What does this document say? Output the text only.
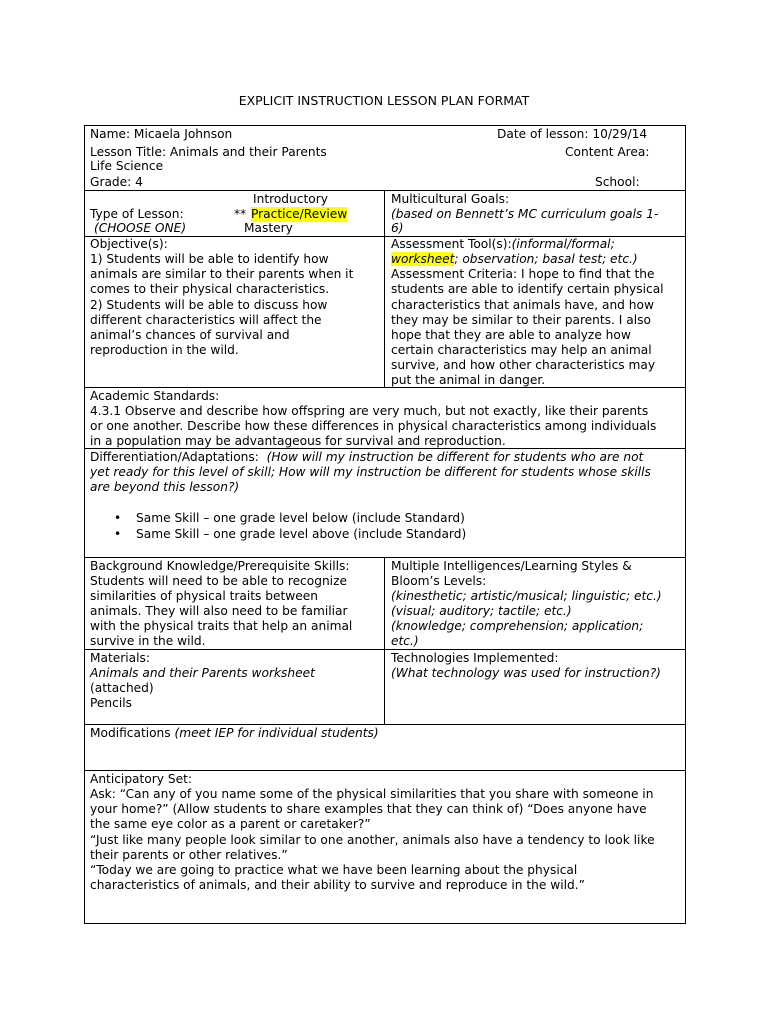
EXPLICIT INSTRUCTION LESSON PLAN FORMAT
Name: Micaela Johnson	Date of lesson: 10/29/14
Lesson Title: Animals and their Parents	Content Area:
Life Science
Grade: 4	School:
Introductory
Type of Lesson:	** Practice/Review
(CHOOSE ONE)	Mastery
Multicultural Goals:
(based on Bennett’s MC curriculum goals 1-
6)
Objective(s):
1) Students will be able to identify how
animals are similar to their parents when it
comes to their physical characteristics.
2) Students will be able to discuss how
different characteristics will affect the
animal’s chances of survival and
reproduction in the wild.
Assessment Tool(s):(informal/formal;
worksheet; observation; basal test; etc.)
Assessment Criteria: I hope to find that the
students are able to identify certain physical
characteristics that animals have, and how
they may be similar to their parents. I also
hope that they are able to analyze how
certain characteristics may help an animal
survive, and how other characteristics may
put the animal in danger.
Academic Standards:
4.3.1 Observe and describe how offspring are very much, but not exactly, like their parents
or one another. Describe how these differences in physical characteristics among individuals
in a population may be advantageous for survival and reproduction.
Differentiation/Adaptations: (How will my instruction be different for students who are not
yet ready for this level of skill; How will my instruction be different for students whose skills
are beyond this lesson?)
• Same Skill – one grade level below (include Standard)
• Same Skill – one grade level above (include Standard)
Background Knowledge/Prerequisite Skills:
Students will need to be able to recognize
similarities of physical traits between
animals. They will also need to be familiar
with the physical traits that help an animal
survive in the wild.
Multiple Intelligences/Learning Styles &
Bloom’s Levels:
(kinesthetic; artistic/musical; linguistic; etc.)
(visual; auditory; tactile; etc.)
(knowledge; comprehension; application;
etc.)
Materials:
Animals and their Parents worksheet
(attached)
Pencils
Technologies Implemented:
(What technology was used for instruction?)
Modifications (meet IEP for individual students)
Anticipatory Set:
Ask: “Can any of you name some of the physical similarities that you share with someone in
your home?” (Allow students to share examples that they can think of) “Does anyone have
the same eye color as a parent or caretaker?”
“Just like many people look similar to one another, animals also have a tendency to look like
their parents or other relatives.”
“Today we are going to practice what we have been learning about the physical
characteristics of animals, and their ability to survive and reproduce in the wild.”
